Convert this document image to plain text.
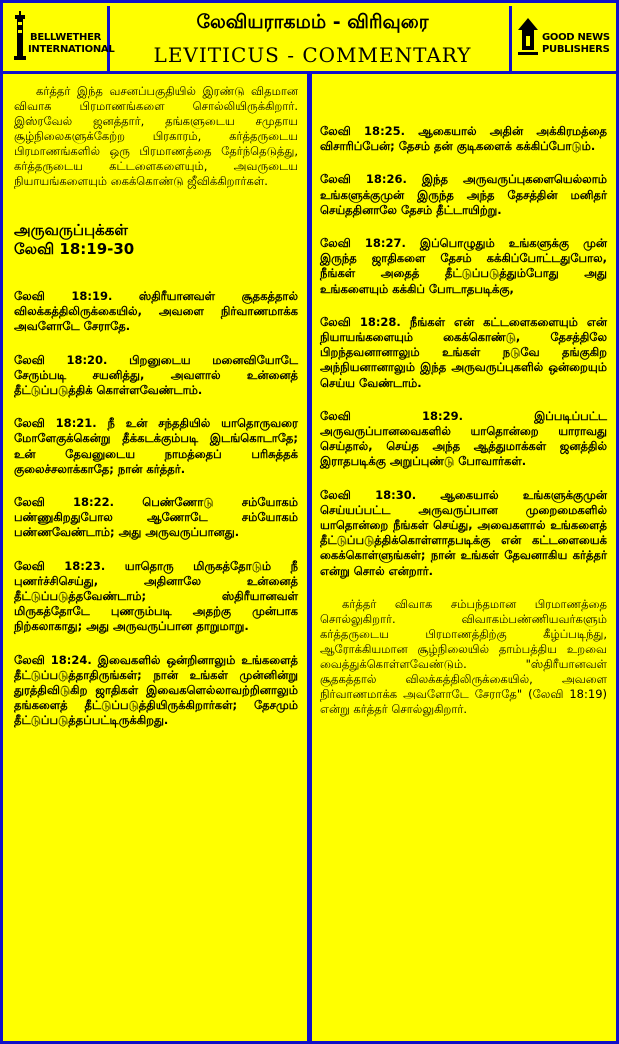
BELLWETHER
INTERNATIONAL
லேவியராகமம் - விரிவுரை
LEVITICUS - COMMENTARY
GOOD NEWS
PUBLISHERS

கர்த்தர் இந்த வசனப்பகுதியில் இரண்டு விதமான விவாக பிரமாணங்களை சொல்லியிருக்கிறார். இஸ்ரவேல் ஜனத்தார், தங்களுடைய சமுதாய சூழ்நிலைகளுக்கேற்ற பிரகாரம், கர்த்தருடைய பிரமாணங்களில் ஒரு பிரமாணத்தை தேர்ந்தெடுத்து, கர்த்தருடைய கட்டளைகளையும், அவருடைய நியாயங்களையும் கைக்கொண்டு ஜீவிக்கிறார்கள்.

அருவருப்புக்கள்

லேவி 18:19-30

லேவி 18:19. ஸ்திரீயானவள் சூதகத்தால் விலக்கத்திலிருக்கையில், அவளை நிர்வாணமாக்க அவளோடே சேராதே.

லேவி 18:20. பிறனுடைய மனைவியோடே சேரும்படி சயனித்து, அவளால் உன்னைத் தீட்டுப்படுத்திக் கொள்ளவேண்டாம்.

லேவி 18:21. நீ உன் சந்ததியில் யாதொருவரை மோளேகுக்கென்று தீக்கடக்கும்படி இடங்கொடாதே; உன் தேவனுடைய நாமத்தைப் பரிசுத்தக் குலைச்சலாக்காதே; நான் கர்த்தர்.

லேவி 18:22. பெண்ணோடு சம்யோகம் பண்ணுகிறதுபோல ஆணோடே சம்யோகம் பண்ணவேண்டாம்; அது அருவருப்பானது.

லேவி 18:23. யாதொரு மிருகத்தோடும் நீ புணர்ச்சிசெய்து, அதினாலே உன்னைத் தீட்டுப்படுத்தவேண்டாம்; ஸ்திரீயானவள் மிருகத்தோடே புணரும்படி அதற்கு முன்பாக நிற்கலாகாது; அது அருவருப்பான தாறுமாறு.

லேவி 18:24. இவைகளில் ஒன்றினாலும் உங்களைத் தீட்டுப்படுத்தாதிருங்கள்; நான் உங்கள் முன்னின்று துரத்திவிடுகிற ஜாதிகள் இவைகளெல்லாவற்றினாலும் தங்களைத் தீட்டுப்படுத்தியிருக்கிறார்கள்; தேசமும் தீட்டுப்படுத்தப்பட்டிருக்கிறது.

லேவி 18:25. ஆகையால் அதின் அக்கிரமத்தை விசாரிப்பேன்; தேசம் தன் குடிகளைக் கக்கிப்போடும்.

லேவி 18:26. இந்த அருவருப்புகளையெல்லாம் உங்களுக்குமுன் இருந்த அந்த தேசத்தின் மனிதர் செய்ததினாலே தேசம் தீட்டாயிற்று.

லேவி 18:27. இப்பொழுதும் உங்களுக்கு முன் இருந்த ஜாதிகளை தேசம் கக்கிப்போட்டதுபோல, நீங்கள் அதைத் தீட்டுப்படுத்தும்போது அது உங்களையும் கக்கிப் போடாதபடிக்கு,

லேவி 18:28. நீங்கள் என் கட்டளைகளையும் என் நியாயங்களையும் கைக்கொண்டு, தேசத்திலே பிறந்தவனானாலும் உங்கள் நடுவே தங்குகிற அந்நியனானாலும் இந்த அருவருப்புகளில் ஒன்றையும் செய்ய வேண்டாம்.

லேவி 18:29. இப்படிப்பட்ட அருவருப்பானவைகளில் யாதொன்றை யாராவது செய்தால், செய்த அந்த ஆத்துமாக்கள் ஜனத்தில் இராதபடிக்கு அறுப்புண்டு போவார்கள்.

லேவி 18:30. ஆகையால் உங்களுக்குமுன் செய்யப்பட்ட அருவருப்பான முறைமைகளில் யாதொன்றை நீங்கள் செய்து, அவைகளால் உங்களைத் தீட்டுப்படுத்திக்கொள்ளாதபடிக்கு என் கட்டளையைக் கைக்கொள்ளுங்கள்; நான் உங்கள் தேவனாகிய கர்த்தர் என்று சொல் என்றார்.

கர்த்தர் விவாக சம்பந்தமான பிரமாணத்தை சொல்லுகிறார். விவாகம்பண்ணியவர்களும் கர்த்தருடைய பிரமாணத்திற்கு கீழ்ப்படிந்து, ஆரோக்கியமான சூழ்நிலையில் தாம்பத்திய உறவை வைத்துக்கொள்ளவேண்டும். "ஸ்திரீயானவள் சூதகத்தால் விலக்கத்திலிருக்கையில், அவளை நிர்வாணமாக்க அவளோடே சேராதே" (லேவி 18:19) என்று கர்த்தர் சொல்லுகிறார்.
